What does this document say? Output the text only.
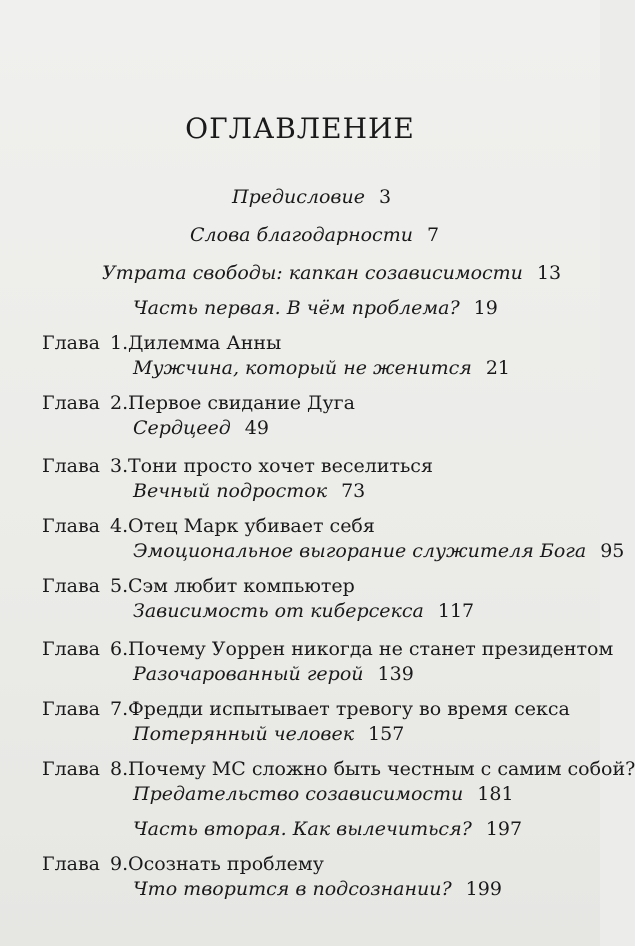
ОГЛАВЛЕНИЕ
Предисловие 3
Слова благодарности 7
Утрата свободы: капкан созависимости 13
Часть первая. В чём проблема? 19
Глава 1. Дилемма Анны
Мужчина, который не женится 21
Глава 2. Первое свидание Дуга
Сердцеед 49
Глава 3. Тони просто хочет веселиться
Вечный подросток 73
Глава 4. Отец Марк убивает себя
Эмоциональное выгорание служителя Бога 95
Глава 5. Сэм любит компьютер
Зависимость от киберсекса 117
Глава 6. Почему Уоррен никогда не станет президентом
Разочарованный герой 139
Глава 7. Фредди испытывает тревогу во время секса
Потерянный человек 157
Глава 8. Почему МС сложно быть честным с самим собой?
Предательство созависимости 181
Часть вторая. Как вылечиться? 197
Глава 9. Осознать проблему
Что творится в подсознании? 199
